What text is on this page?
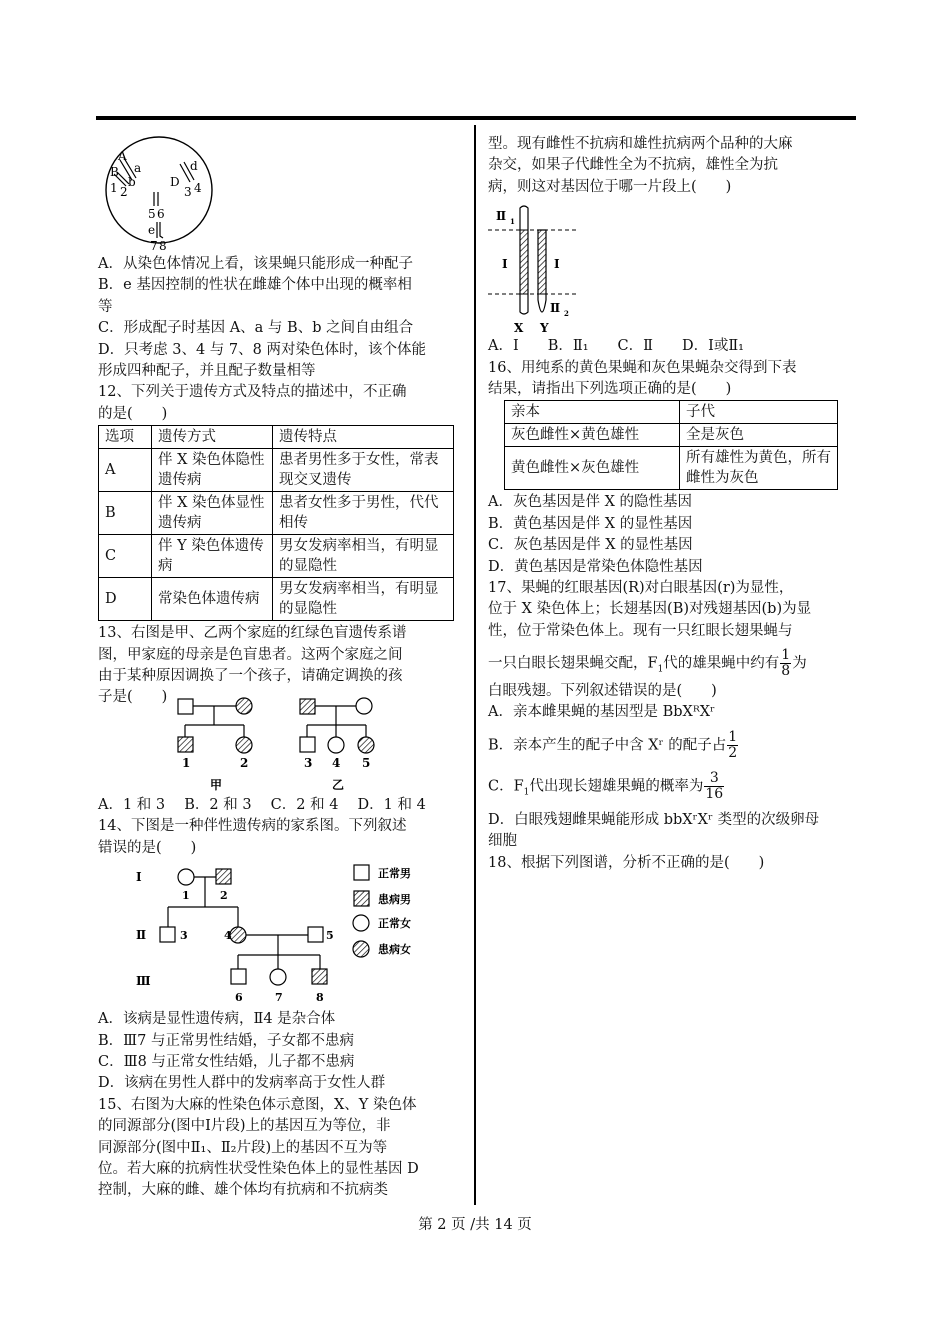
A
a
B
b
1 2
d
D
3 4
5 6
e
7 8
A．从染色体情况上看，该果蝇只能形成一种配子
B．e 基因控制的性状在雌雄个体中出现的概率相
等
C．形成配子时基因 A、a 与 B、b 之间自由组合
D．只考虑 3、4 与 7、8 两对染色体时，该个体能
形成四种配子，并且配子数量相等
12、下列关于遗传方式及特点的描述中，不正确
的是(　　)
选项	遗传方式	遗传特点
A	伴 X 染色体隐性遗传病	患者男性多于女性，常表现交叉遗传
B	伴 X 染色体显性遗传病	患者女性多于男性，代代相传
C	伴 Y 染色体遗传病	男女发病率相当，有明显的显隐性
D	常染色体遗传病	男女发病率相当，有明显的显隐性
13、右图是甲、乙两个家庭的红绿色盲遗传系谱
图，甲家庭的母亲是色盲患者。这两个家庭之间
由于某种原因调换了一个孩子，请确定调换的孩
子是(　　)
1	2	3 4 5
甲	乙
A．1 和 3　 B．2 和 3　 C．2 和 4　 D．1 和 4
14、下图是一种伴性遗传病的家系图。下列叙述
错误的是(　　)
Ⅰ
Ⅱ
Ⅲ
1	2
3	4	5
6	7	8
正常男
患病男
正常女
患病女
A．该病是显性遗传病，Ⅱ4 是杂合体
B．Ⅲ7 与正常男性结婚，子女都不患病
C．Ⅲ8 与正常女性结婚，儿子都不患病
D．该病在男性人群中的发病率高于女性人群
15、右图为大麻的性染色体示意图，X、Y 染色体
的同源部分(图中Ⅰ片段)上的基因互为等位，非
同源部分(图中Ⅱ₁、Ⅱ₂片段)上的基因不互为等
位。若大麻的抗病性状受性染色体上的显性基因 D
控制，大麻的雌、雄个体均有抗病和不抗病类
型。现有雌性不抗病和雄性抗病两个品种的大麻
杂交，如果子代雌性全为不抗病，雄性全为抗
病，则这对基因位于哪一片段上(　　)
Ⅱ 1
Ⅰ	Ⅰ
Ⅱ 2
X Y
A．Ⅰ　　B．Ⅱ₁　　C．Ⅱ　　D．Ⅰ或Ⅱ₁
16、用纯系的黄色果蝇和灰色果蝇杂交得到下表
结果，请指出下列选项正确的是(　　)
亲本	子代
灰色雌性×黄色雄性	全是灰色
黄色雌性×灰色雄性	所有雄性为黄色，所有雌性为灰色
A．灰色基因是伴 X 的隐性基因
B．黄色基因是伴 X 的显性基因
C．灰色基因是伴 X 的显性基因
D．黄色基因是常染色体隐性基因
17、果蝇的红眼基因(R)对白眼基因(r)为显性，
位于 X 染色体上；长翅基因(B)对残翅基因(b)为显
性，位于常染色体上。现有一只红眼长翅果蝇与
一只白眼长翅果蝇交配，$F_1$代的雄果蝇中约有 $\frac{1}{8}$ 为
白眼残翅。下列叙述错误的是(　　)
A．亲本雌果蝇的基因型是 BbXᴿXʳ
B．亲本产生的配子中含 Xʳ 的配子占 $\frac{1}{2}$
C．$F_1$代出现长翅雄果蝇的概率为 $\frac{3}{16}$
D．白眼残翅雌果蝇能形成 bbXʳXʳ 类型的次级卵母
细胞
18、根据下列图谱，分析不正确的是(　　)
第 2 页 /共 14 页
